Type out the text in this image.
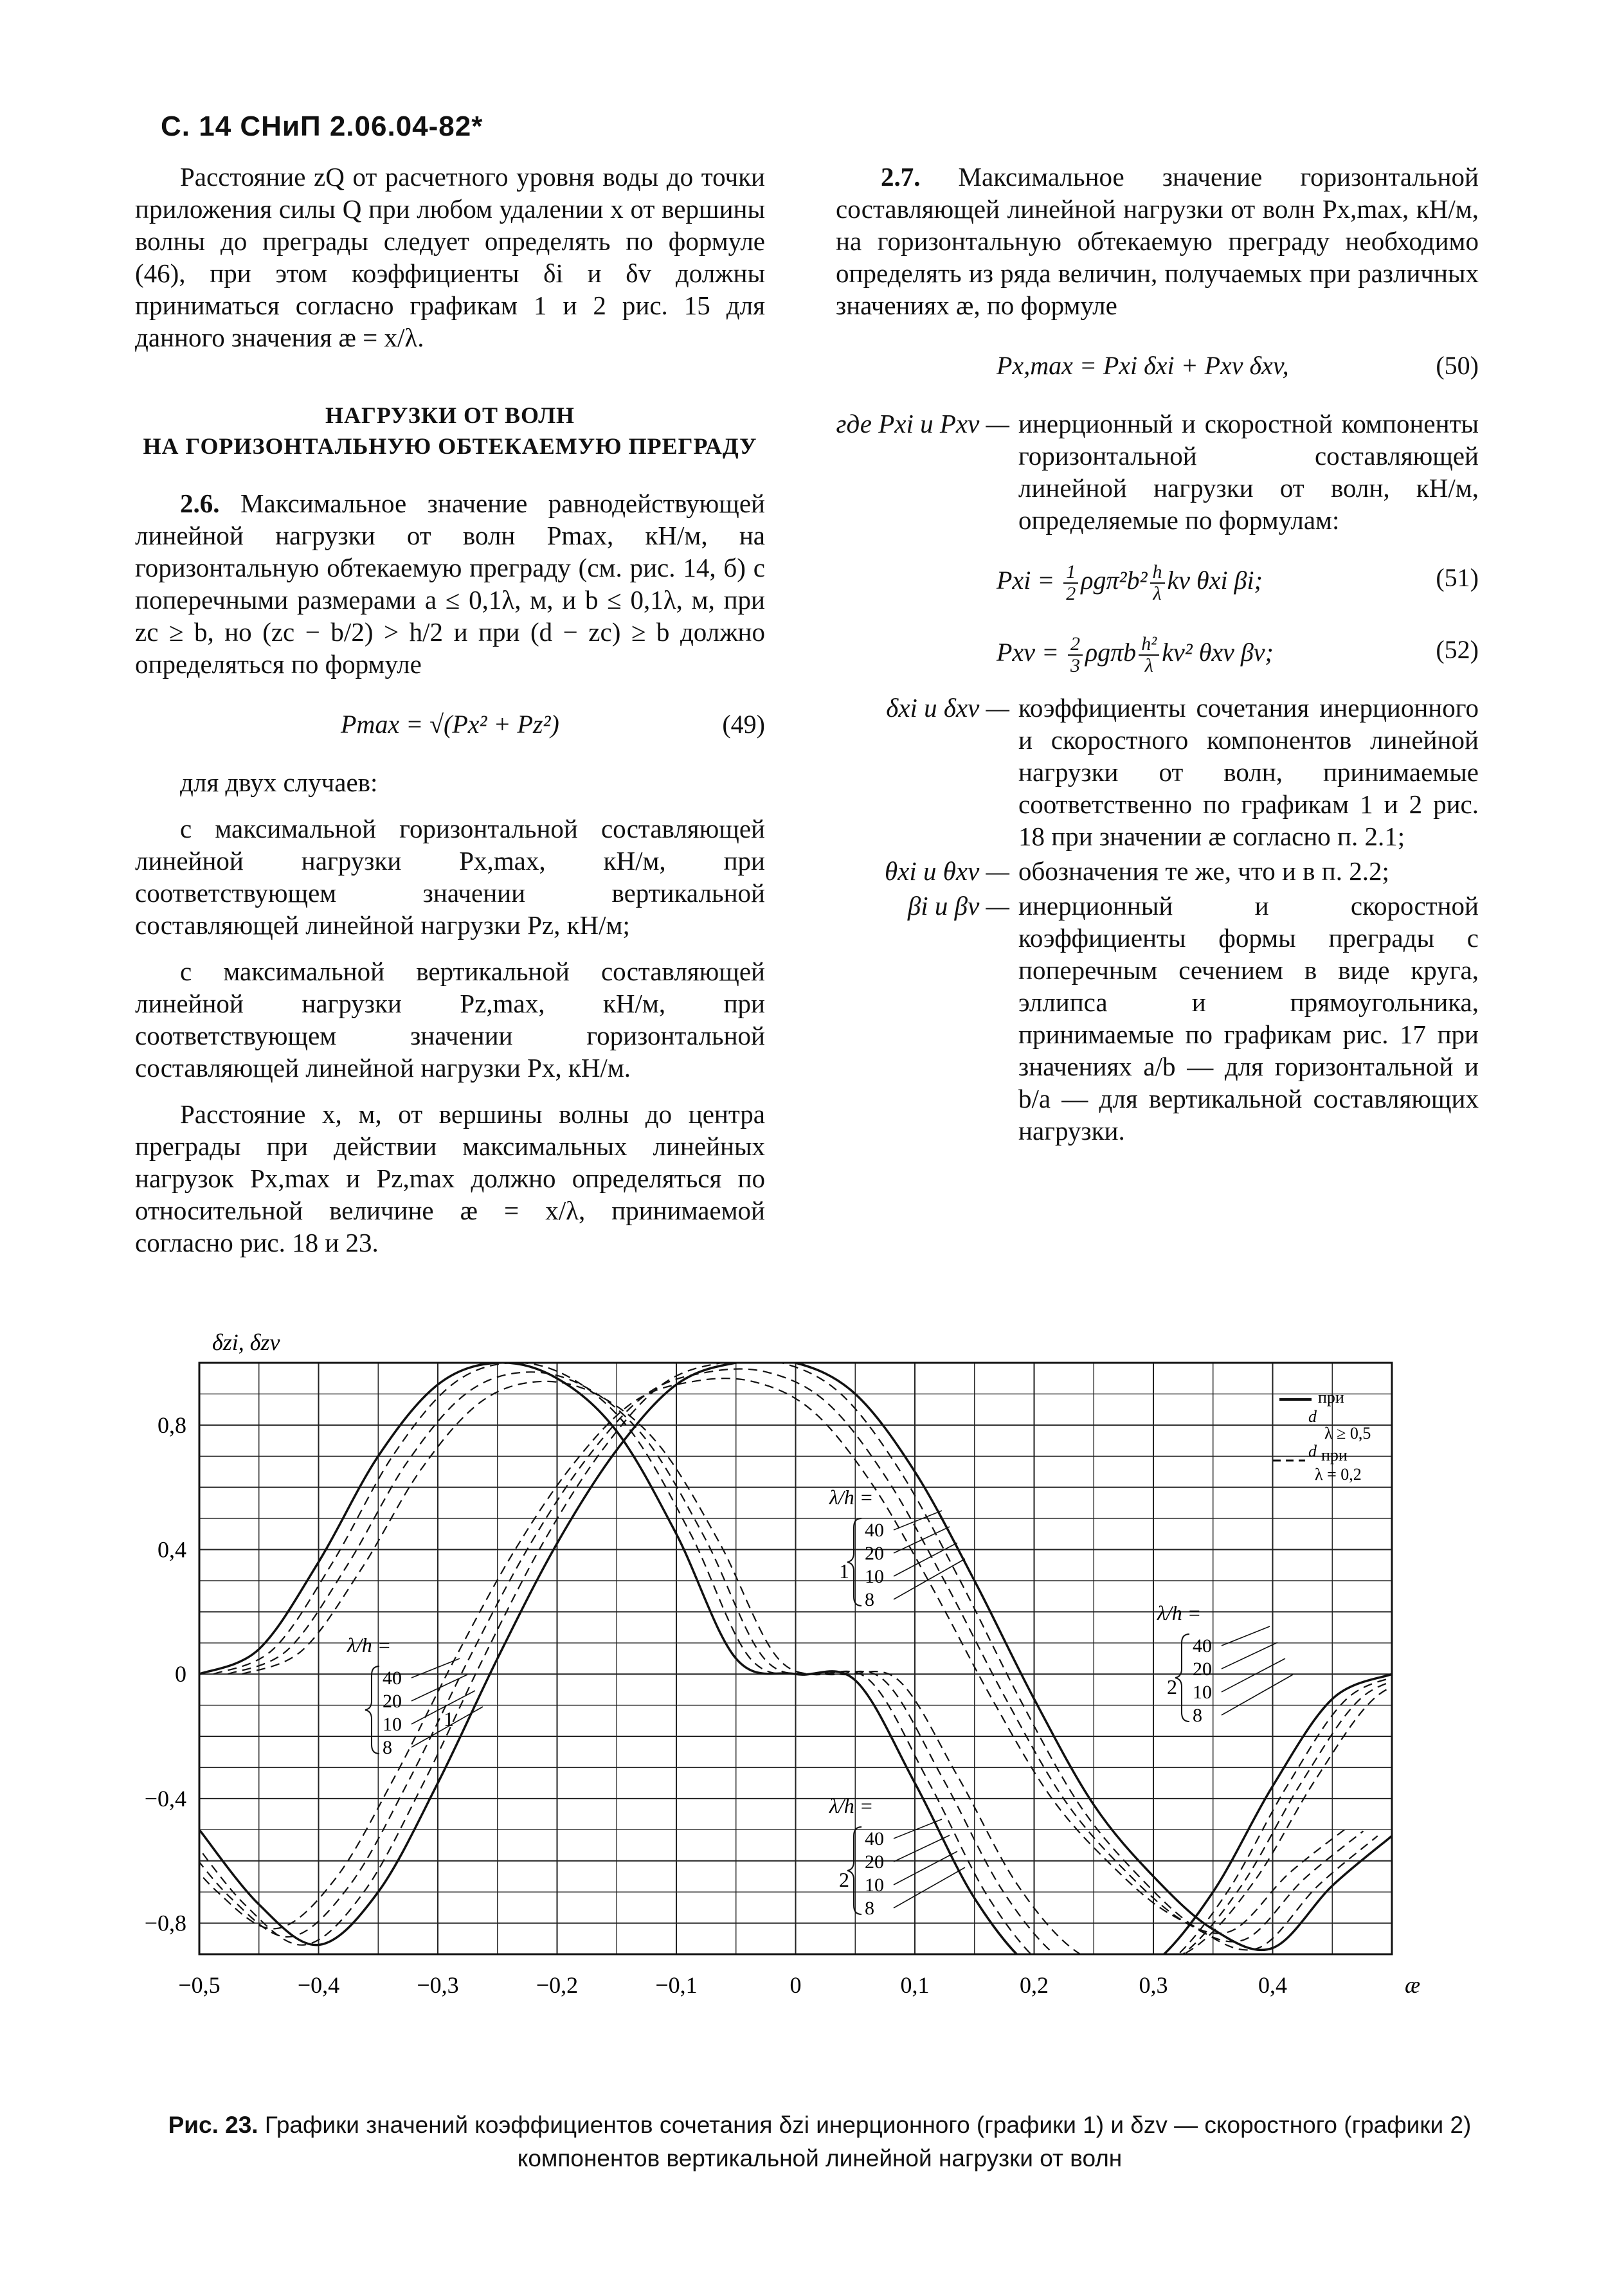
С. 14 СНиП 2.06.04-82*

Расстояние zQ от расчетного уровня воды до точки приложения силы Q при любом удалении x от вершины волны до преграды следует определять по формуле (46), при этом коэффициенты δi и δv должны приниматься согласно графикам 1 и 2 рис. 15 для данного значения æ = x/λ.

НАГРУЗКИ ОТ ВОЛН
НА ГОРИЗОНТАЛЬНУЮ ОБТЕКАЕМУЮ ПРЕГРАДУ

2.6. Максимальное значение равнодействующей линейной нагрузки от волн Pmax, кН/м, на горизонтальную обтекаемую преграду (см. рис. 14, б) с поперечными размерами a ≤ 0,1λ, м, и b ≤ 0,1λ, м, при zc ≥ b, но (zc − b/2) > h/2 и при (d − zc) ≥ b должно определяться по формуле

Pmax = √(Px² + Pz²)	(49)

для двух случаев:

с максимальной горизонтальной составляющей линейной нагрузки Px,max, кН/м, при соответствующем значении вертикальной составляющей линейной нагрузки Pz, кН/м;

с максимальной вертикальной составляющей линейной нагрузки Pz,max, кН/м, при соответствующем значении горизонтальной составляющей линейной нагрузки Px, кН/м.

Расстояние x, м, от вершины волны до центра преграды при действии максимальных линейных нагрузок Px,max и Pz,max должно определяться по относительной величине æ = x/λ, принимаемой согласно рис. 18 и 23.

2.7. Максимальное значение горизонтальной составляющей линейной нагрузки от волн Px,max, кН/м, на горизонтальную обтекаемую преграду необходимо определять из ряда величин, получаемых при различных значениях æ, по формуле

Px,max = Pxi δxi + Pxv δxv,	(50)
где Pxi и Pxv — инерционный и скоростной компоненты горизонтальной составляющей линейной нагрузки от волн, кН/м, определяемые по формулам:
Pxi = $\frac{1}{2} \rho g\pi^2b^2 \frac{h}{\lambda}$ kv θxi βi;	(51)
Pxv = $\frac{2}{3}$ ρgπb $\frac{\text{h²}}{\lambda} kv^2$ θxv βv;	(52)
δxi и δxv — коэффициенты сочетания инерционного и скоростного компонентов линейной нагрузки от волн, принимаемые соответственно по графикам 1 и 2 рис. 18 при значении æ согласно п. 2.1;
θxi и θxv — обозначения те же, что и в п. 2.2;
βi и βv — инерционный и скоростной коэффициенты формы преграды с поперечным сечением в виде круга, эллипса и прямоугольника, принимаемые по графикам рис. 17 при значениях a/b — для горизонтальной и b/a — для вертикальной составляющих нагрузки.
−0,5	−0,4	−0,3	−0,2	−0,1	0	0,1	0,2	0,3	0,4
0,8
0,4
0
−0,4
−0,8
δzi, δzv
æ
при
d
λ ≥ 0,5
d при
λ = 0,2
λ/h =
40
20
10
8
1
λ/h =
40
20
10
8
1
λ/h =
40
20
10
8
2
λ/h =
40
20
10
8
2
Рис. 23. Графики значений коэффициентов сочетания δzi инерционного (графики 1) и δzv — скоростного (графики 2) компонентов вертикальной линейной нагрузки от волн
